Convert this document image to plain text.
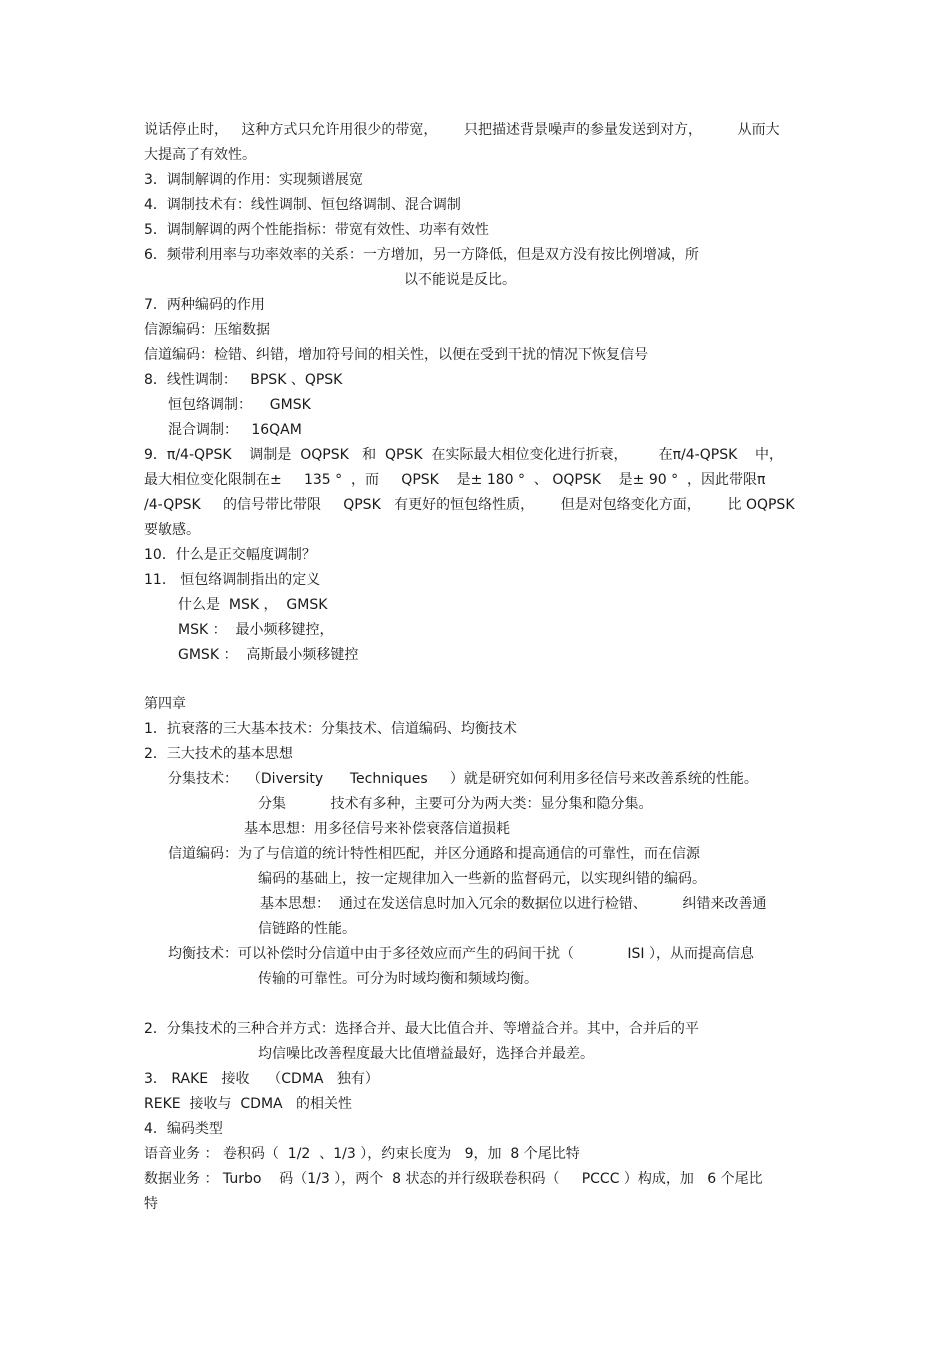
说话停止时，   这种方式只允许用很少的带宽，      只把描述背景噪声的参量发送到对方，        从而大
大提高了有效性。
3．调制解调的作用：实现频谱展宽
4．调制技术有：线性调制、恒包络调制、混合调制
5．调制解调的两个性能指标：带宽有效性、功率有效性
6．频带利用率与功率效率的关系：一方增加，另一方降低，但是双方没有按比例增减，所
以不能说是反比。
7．两种编码的作用
信源编码：压缩数据
信道编码：检错、纠错，增加符号间的相关性，以便在受到干扰的情况下恢复信号
8．线性调制：   BPSK 、QPSK
恒包络调制：    GMSK
混合调制：   16QAM
9．π/4-QPSK    调制是  OQPSK   和  QPSK  在实际最大相位变化进行折衰，       在π/4-QPSK    中，
最大相位变化限制在±     135 °  ，而     QPSK    是± 180 °  、 OQPSK    是± 90 °  ，因此带限π
/4-QPSK     的信号带比带限     QPSK   有更好的恒包络性质，      但是对包络变化方面，      比 OQPSK
要敏感。
10．什么是正交幅度调制？
11． 恒包络调制指出的定义
什么是  MSK ，  GMSK
MSK ：  最小频移键控，
GMSK ：  高斯最小频移键控
第四章
1．抗衰落的三大基本技术：分集技术、信道编码、均衡技术
2．三大技术的基本思想
分集技术：  （Diversity      Techniques     ）就是研究如何利用多径信号来改善系统的性能。
分集          技术有多种，主要可分为两大类：显分集和隐分集。
基本思想：用多径信号来补偿衰落信道损耗
信道编码：为了与信道的统计特性相匹配，并区分通路和提高通信的可靠性，而在信源
编码的基础上，按一定规律加入一些新的监督码元，以实现纠错的编码。
基本思想：  通过在发送信息时加入冗余的数据位以进行检错、        纠错来改善通
信链路的性能。
均衡技术：可以补偿时分信道中由于多径效应而产生的码间干扰（            ISI ），从而提高信息
传输的可靠性。可分为时域均衡和频域均衡。
2．分集技术的三种合并方式：选择合并、最大比值合并、等增益合并。其中，合并后的平
均信噪比改善程度最大比值增益最好，选择合并最差。
3． RAKE   接收    （CDMA   独有）
REKE  接收与  CDMA   的相关性
4．编码类型
语音业务 ： 卷积码（  1/2  、1/3 ），约束长度为   9，加  8 个尾比特
数据业务 ： Turbo    码（1/3 ），两个  8 状态的并行级联卷积码（     PCCC ）构成，加   6 个尾比
特
